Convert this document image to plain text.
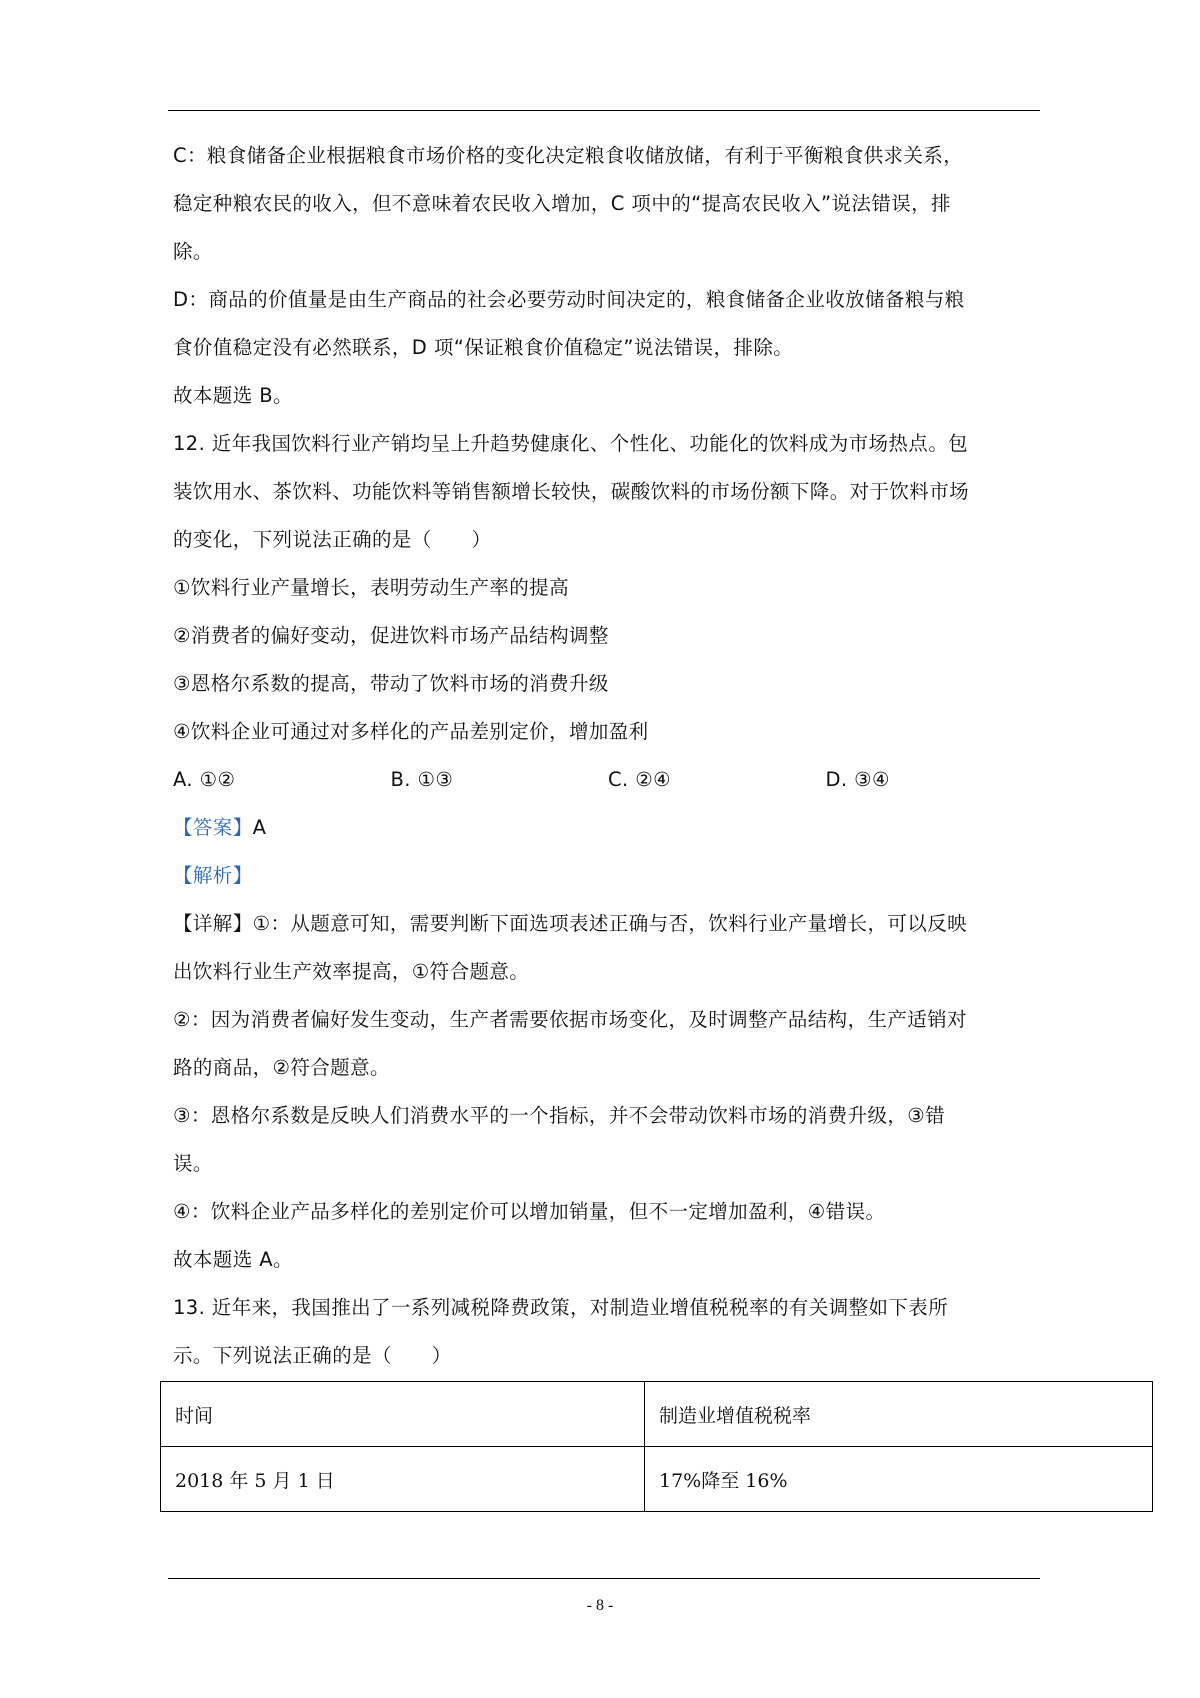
C：粮食储备企业根据粮食市场价格的变化决定粮食收储放储，有利于平衡粮食供求关系，
稳定种粮农民的收入，但不意味着农民收入增加，C 项中的“提高农民收入”说法错误，排
除。
D：商品的价值量是由生产商品的社会必要劳动时间决定的，粮食储备企业收放储备粮与粮
食价值稳定没有必然联系，D 项“保证粮食价值稳定”说法错误，排除。
故本题选 B。
12. 近年我国饮料行业产销均呈上升趋势健康化、个性化、功能化的饮料成为市场热点。包
装饮用水、茶饮料、功能饮料等销售额增长较快，碳酸饮料的市场份额下降。对于饮料市场
的变化，下列说法正确的是（　　）
①饮料行业产量增长，表明劳动生产率的提高
②消费者的偏好变动，促进饮料市场产品结构调整
③恩格尔系数的提高，带动了饮料市场的消费升级
④饮料企业可通过对多样化的产品差别定价，增加盈利
A. ①②	B. ①③	C. ②④	D. ③④
【答案】A
【解析】
【详解】①：从题意可知，需要判断下面选项表述正确与否，饮料行业产量增长，可以反映
出饮料行业生产效率提高，①符合题意。
②：因为消费者偏好发生变动，生产者需要依据市场变化，及时调整产品结构，生产适销对
路的商品，②符合题意。
③：恩格尔系数是反映人们消费水平的一个指标，并不会带动饮料市场的消费升级，③错
误。
④：饮料企业产品多样化的差别定价可以增加销量，但不一定增加盈利，④错误。
故本题选 A。
13. 近年来，我国推出了一系列减税降费政策，对制造业增值税税率的有关调整如下表所
示。下列说法正确的是（　　）
时间	制造业增值税税率
2018 年 5 月 1 日	17%降至 16%
- 8 -
